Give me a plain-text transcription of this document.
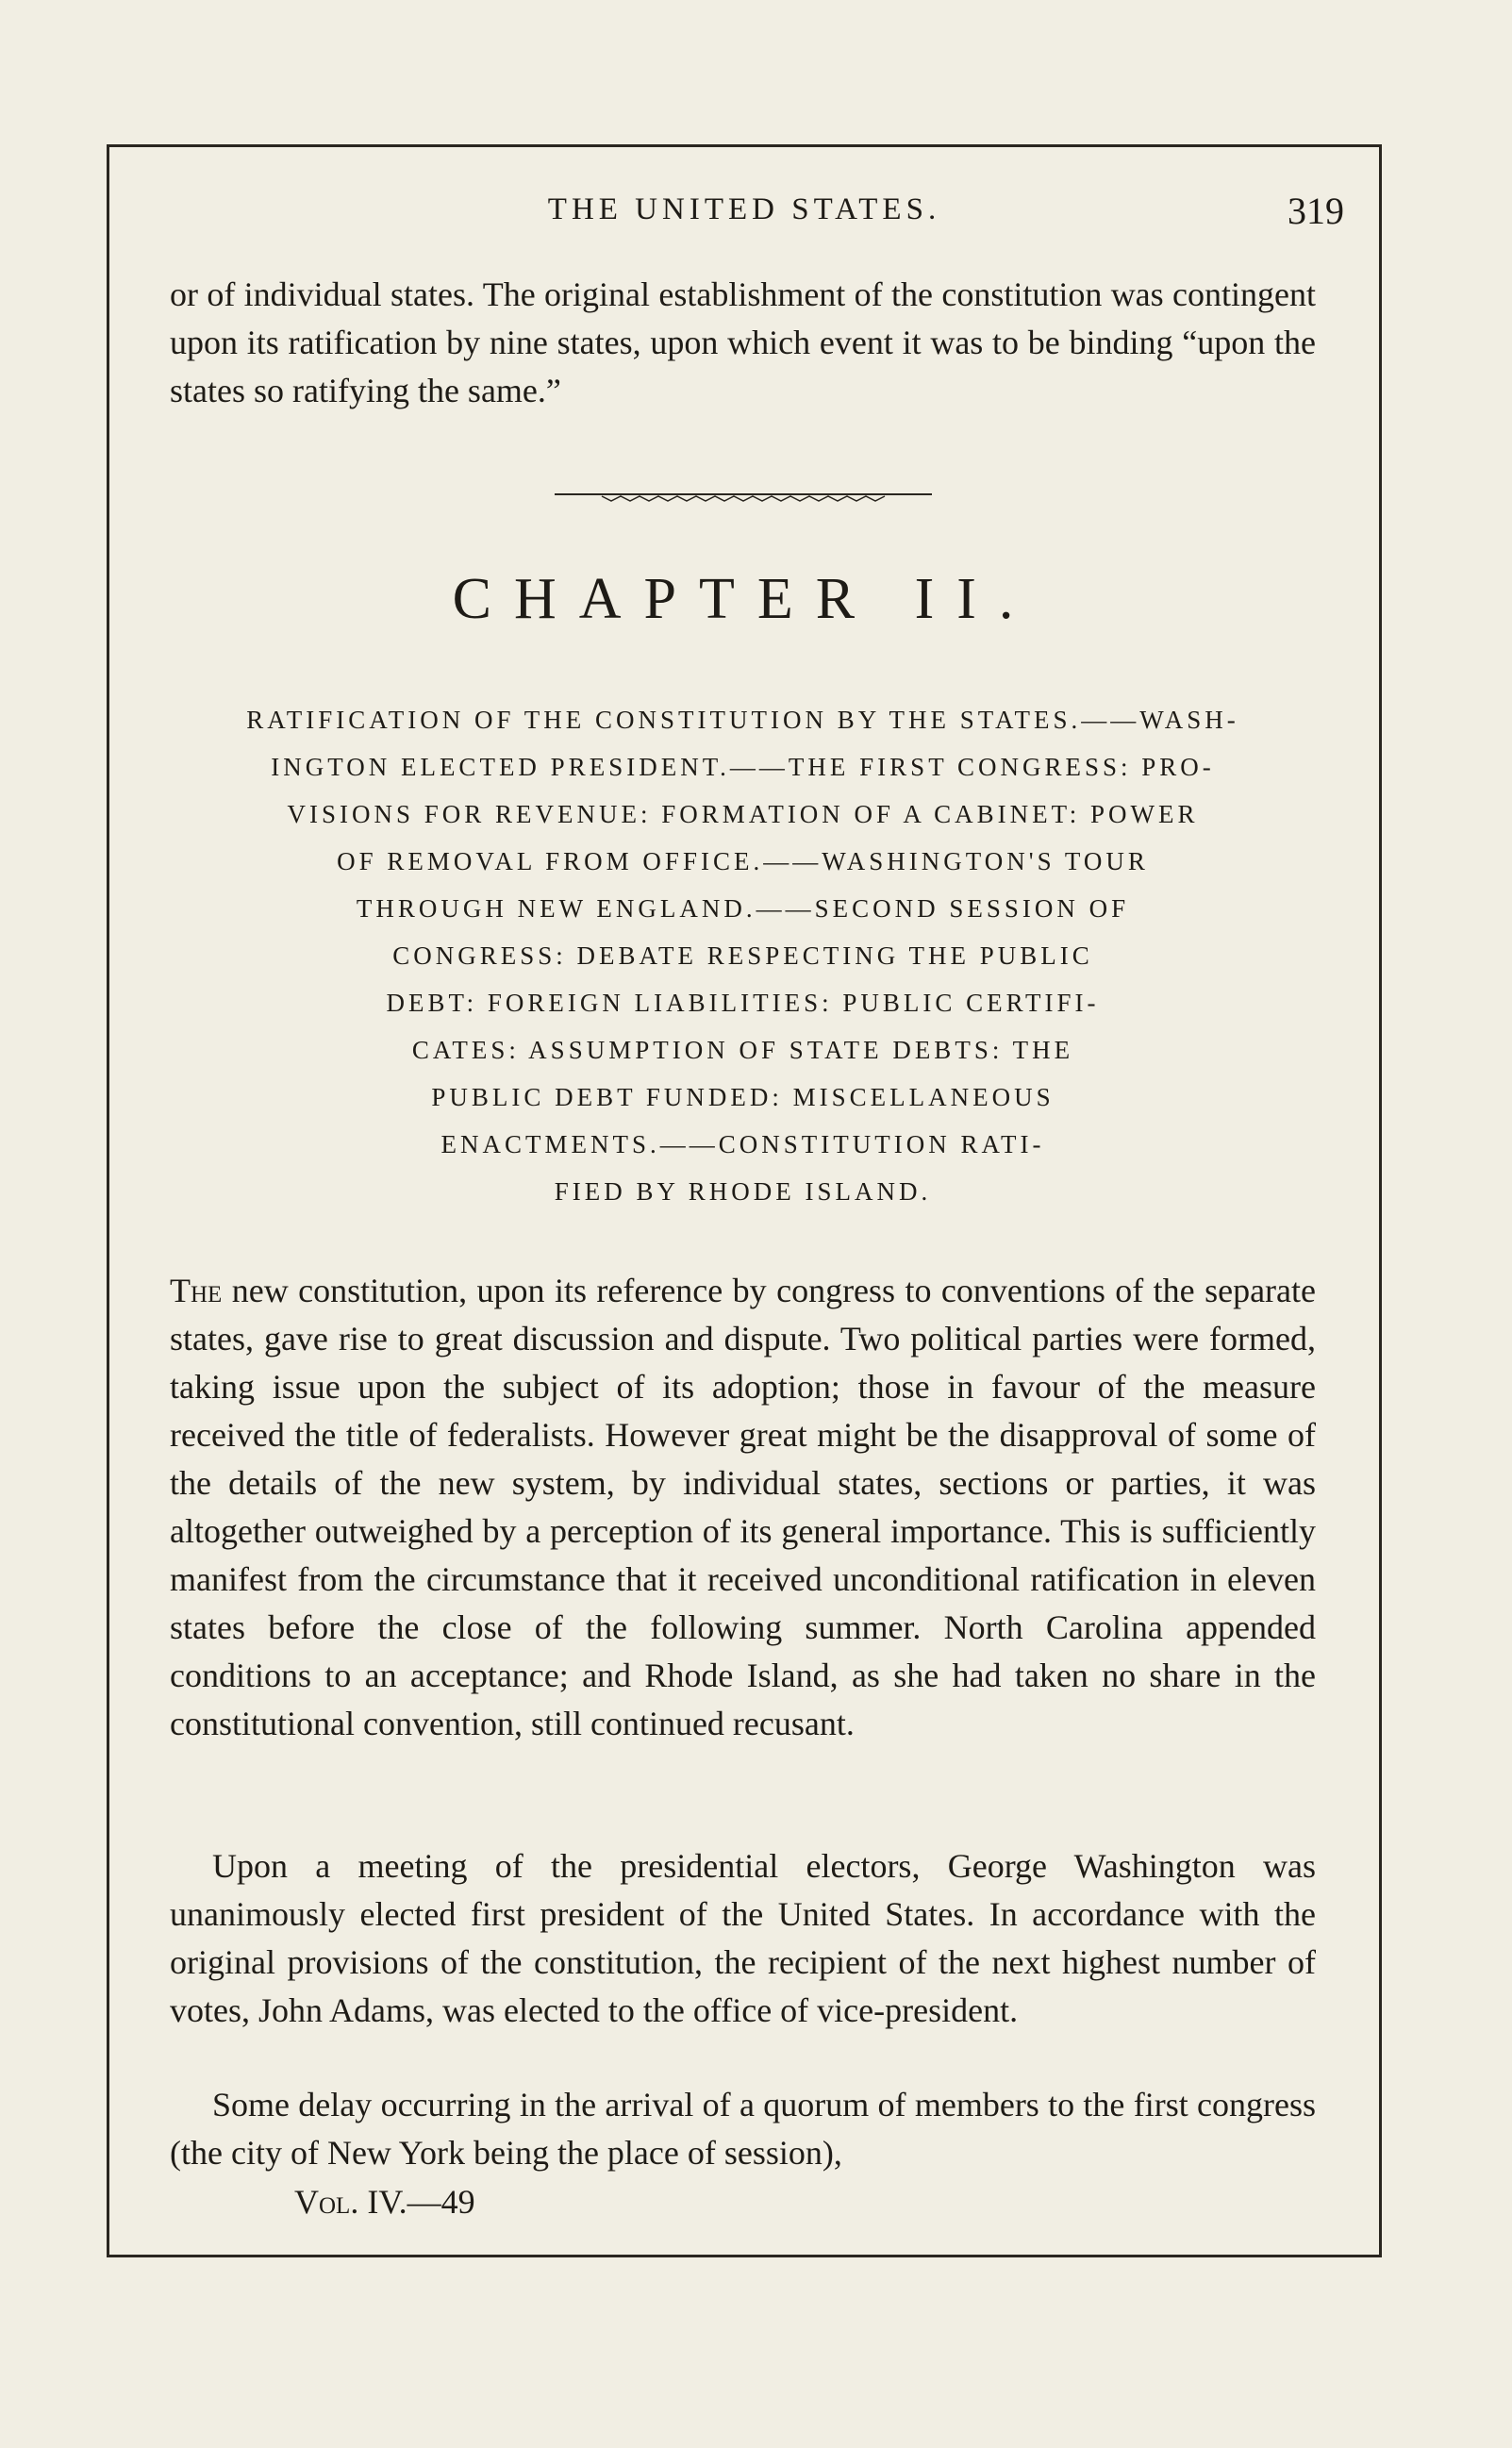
THE UNITED STATES.	319

or of individual states. The original establishment of the constitution was contingent upon its ratification by nine states, upon which event it was to be binding “upon the states so ratifying the same.”

CHAPTER II.
RATIFICATION OF THE CONSTITUTION BY THE STATES.——WASH-
INGTON ELECTED PRESIDENT.——THE FIRST CONGRESS: PRO-
VISIONS FOR REVENUE: FORMATION OF A CABINET: POWER
OF REMOVAL FROM OFFICE.——WASHINGTON'S TOUR
THROUGH NEW ENGLAND.——SECOND SESSION OF
CONGRESS: DEBATE RESPECTING THE PUBLIC
DEBT: FOREIGN LIABILITIES: PUBLIC CERTIFI-
CATES: ASSUMPTION OF STATE DEBTS: THE
PUBLIC DEBT FUNDED: MISCELLANEOUS
ENACTMENTS.——CONSTITUTION RATI-
FIED BY RHODE ISLAND.

The new constitution, upon its reference by congress to conventions of the separate states, gave rise to great discussion and dispute. Two political parties were formed, taking issue upon the subject of its adoption; those in favour of the measure received the title of federalists. However great might be the disapproval of some of the details of the new system, by individual states, sections or parties, it was altogether outweighed by a perception of its general importance. This is sufficiently manifest from the circumstance that it received unconditional ratification in eleven states before the close of the following summer. North Carolina appended conditions to an acceptance; and Rhode Island, as she had taken no share in the constitutional convention, still continued recusant.

Upon a meeting of the presidential electors, George Washington was unanimously elected first president of the United States. In accordance with the original provisions of the constitution, the recipient of the next highest number of votes, John Adams, was elected to the office of vice-president.

Some delay occurring in the arrival of a quorum of members to the first congress (the city of New York being the place of session),

Vol. IV.—49
